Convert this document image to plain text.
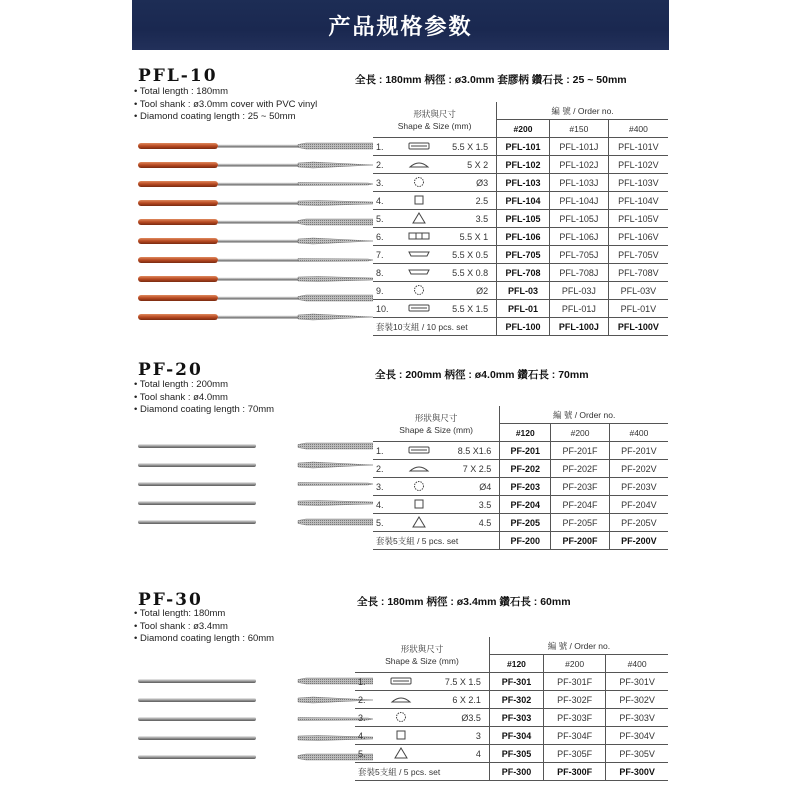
产品规格参数
PFL-10
• Total length : 180mm
• Tool shank : ø3.0mm cover with PVC vinyl
• Diamond coating length : 25 ~ 50mm
全長 : 180mm 柄徑 : ø3.0mm 套膠柄 鑽石長 : 25 ~ 50mm
形狀與尺寸
Shape & Size (mm)			編 號 / Order no.		
			#200	#150	#400
1.		5.5 X 1.5	PFL-101	PFL-101J	PFL-101V
2.		5 X 2	PFL-102	PFL-102J	PFL-102V
3.		Ø3	PFL-103	PFL-103J	PFL-103V
4.		2.5	PFL-104	PFL-104J	PFL-104V
5.		3.5	PFL-105	PFL-105J	PFL-105V
6.		5.5 X 1	PFL-106	PFL-106J	PFL-106V
7.		5.5 X 0.5	PFL-705	PFL-705J	PFL-705V
8.		5.5 X 0.8	PFL-708	PFL-708J	PFL-708V
9.		Ø2	PFL-03	PFL-03J	PFL-03V
10.		5.5 X 1.5	PFL-01	PFL-01J	PFL-01V
套裝10支組 / 10 pcs. set			PFL-100	PFL-100J	PFL-100V
PF-20
• Total length : 200mm
• Tool shank : ø4.0mm
• Diamond coating length : 70mm
全長 : 200mm 柄徑 : ø4.0mm 鑽石長 : 70mm
形狀與尺寸
Shape & Size (mm)			編 號 / Order no.		
			#120	#200	#400
1.		8.5 X1.6	PF-201	PF-201F	PF-201V
2.		7 X 2.5	PF-202	PF-202F	PF-202V
3.		Ø4	PF-203	PF-203F	PF-203V
4.		3.5	PF-204	PF-204F	PF-204V
5.		4.5	PF-205	PF-205F	PF-205V
套裝5支組 / 5 pcs. set			PF-200	PF-200F	PF-200V
PF-30
• Total length: 180mm
• Tool shank : ø3.4mm
• Diamond coating length : 60mm
全長 : 180mm 柄徑 : ø3.4mm 鑽石長 : 60mm
形狀與尺寸
Shape & Size (mm)			編 號 / Order no.		
			#120	#200	#400
1.		7.5 X 1.5	PF-301	PF-301F	PF-301V
2.		6 X 2.1	PF-302	PF-302F	PF-302V
3.		Ø3.5	PF-303	PF-303F	PF-303V
4.		3	PF-304	PF-304F	PF-304V
5.		4	PF-305	PF-305F	PF-305V
套裝5支組 / 5 pcs. set			PF-300	PF-300F	PF-300V
